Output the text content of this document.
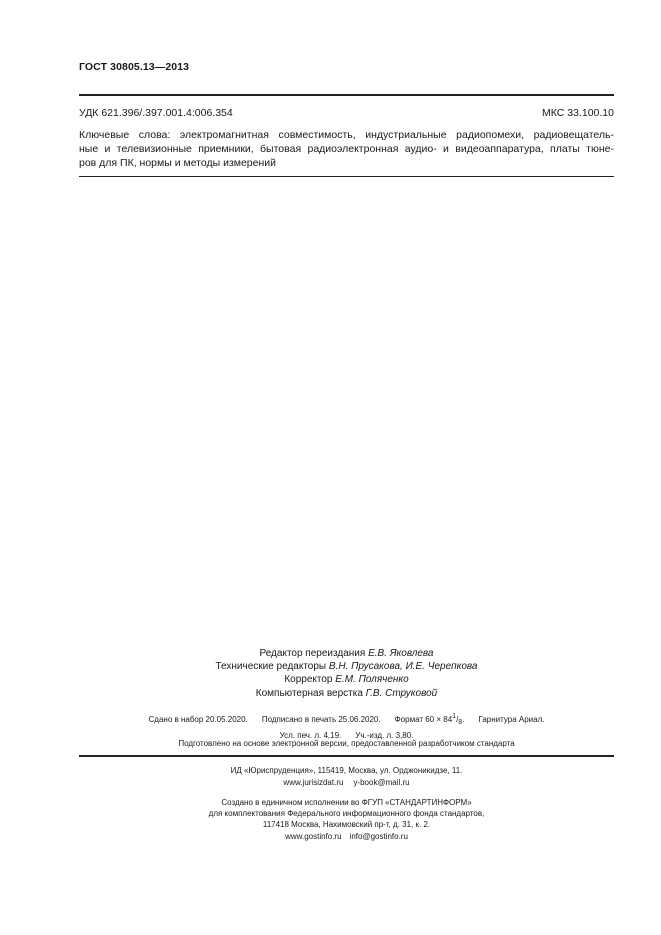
ГОСТ 30805.13—2013
УДК 621.396/.397.001.4:006.354	МКС 33.100.10
Ключевые слова: электромагнитная совместимость, индустриальные радиопомехи, радиовещатель-
ные и телевизионные приемники, бытовая радиоэлектронная аудио- и видеоаппаратура, платы тюне-
ров для ПК, нормы и методы измерений
Редактор переиздания Е.В. Яковлева
Технические редакторы В.Н. Прусакова, И.Е. Черепкова
Корректор Е.М. Поляченко
Компьютерная верстка Г.В. Струковой
Сдано в набор 20.05.2020. Подписано в печать 25.06.2020. Формат $60 \times 84^1/_8$. Гарнитура Ариал.
Усл. печ. л. 4,19. Уч.-изд. л. 3,80.
Подготовлено на основе электронной версии, предоставленной разработчиком стандарта
ИД «Юриспруденция», 115419, Москва, ул. Орджоникидзе, 11.
www.jurisizdat.ru y-book@mail.ru
Создано в единичном исполнении во ФГУП «СТАНДАРТИНФОРМ»
для комплектования Федерального информационного фонда стандартов,
117418 Москва, Нахимовский пр-т, д. 31, к. 2.
www.gostinfo.ru info@gostinfo.ru
